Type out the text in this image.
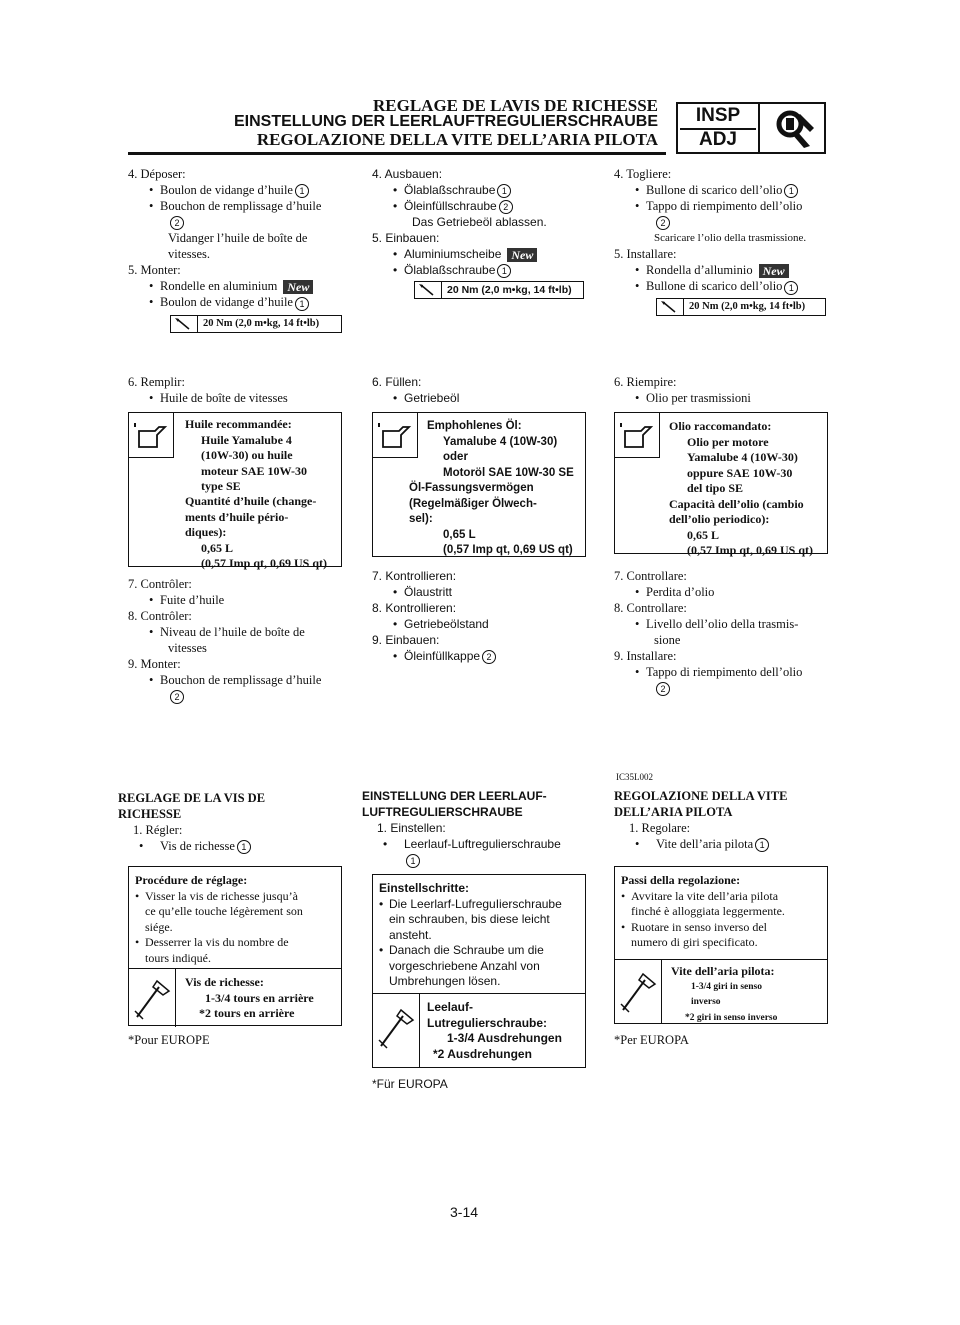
REGLAGE DE LAVIS DE RICHESSE
EINSTELLUNG DER LEERLAUFTREGULIERSCHRAUBE
REGOLAZIONE DELLA VITE DELL’ARIA PILOTA
INSP
ADJ

4. Déposer:

• Boulon de vidange d’huile 1

• Bouchon de remplissage d’huile

2

Vidanger l’huile de boîte de

vitesses.

5. Monter:

• Rondelle en aluminium New

• Boulon de vidange d’huile 1

20 Nm (2,0 m•kg, 14 ft•lb)

6. Remplir:

• Huile de boîte de vitesses

Huile recommandée:

Huile Yamalube 4

(10W-30) ou huile

moteur SAE 10W-30

type SE

Quantité d’huile (change-

ments d’huile pério-

diques):

0,65 L

(0,57 Imp qt, 0,69 US qt)

7. Contrôler:

• Fuite d’huile

8. Contrôler:

• Niveau de l’huile de boîte de

vitesses

9. Monter:

• Bouchon de remplissage d’huile

2

REGLAGE DE LA VIS DE

RICHESSE

1. Régler:

• Vis de richesse 1

Procédure de réglage:

• Visser la vis de richesse jusqu’à

ce qu’elle touche légèrement son

siége.

• Desserrer la vis du nombre de

tours indiqué.

Vis de richesse:

1-3/4 tours en arrière

*2 tours en arrière

*Pour EUROPE

4. Ausbauen:

• Ölablaßschraube 1

• Öleinfüllschraube 2

Das Getriebeöl ablassen.

5. Einbauen:

• Aluminiumscheibe New

• Ölablaßschraube 1

20 Nm (2,0 m•kg, 14 ft•lb)

6. Füllen:

• Getriebeöl

Emphohlenes Öl:

Yamalube 4 (10W-30)

oder

Motoröl SAE 10W-30 SE

Öl-Fassungsvermögen

(Regelmäßiger Ölwech-

sel):

0,65 L

(0,57 Imp qt, 0,69 US qt)

7. Kontrollieren:

• Ölaustritt

8. Kontrollieren:

• Getriebeölstand

9. Einbauen:

• Öleinfüllkappe 2

EINSTELLUNG DER LEERLAUF-

LUFTREGULIERSCHRAUBE

1. Einstellen:

• Leerlauf-Luftregulierschraube

1

Einstellschritte:

• Die Leerlarf-LufreguIierschraube

ein schrauben, bis diese leicht

ansteht.

• Danach die Schraube um die

vorgeschriebene Anzahl von

Umbrehungen lösen.

Leelauf-

Lutregulierschraube:

1-3/4 Ausdrehungen

*2 Ausdrehungen

*Für EUROPA

4. Togliere:

• Bullone di scarico dell’olio 1

• Tappo di riempimento dell’olio

2

Scaricare l’olio della trasmissione.

5. Installare:

• Rondella d’alluminio New

• Bullone di scarico dell’olio 1

20 Nm (2,0 m•kg, 14 ft•lb)

6. Riempire:

• Olio per trasmissioni

Olio raccomandato:

Olio per motore

Yamalube 4 (10W-30)

oppure SAE 10W-30

del tipo SE

Capacità dell’olio (cambio

dell’olio periodico):

0,65 L

(0,57 Imp qt, 0,69 US qt)

7. Controllare:

• Perdita d’olio

8. Controllare:

• Livello dell’olio della trasmis-

sione

9. Installare:

• Tappo di riempimento dell’olio

2

IC35L002

REGOLAZIONE DELLA VITE

DELL’ARIA PILOTA

1. Regolare:

• Vite dell’aria pilota 1

Passi della regolazione:

• Avvitare la vite dell’aria pilota

finché è alloggiata leggermente.

• Ruotare in senso inverso del

numero di giri specificato.

Vite dell’aria pilota:

1-3/4 giri in senso

inverso

*2 giri in senso inverso

*Per EUROPA

3-14
